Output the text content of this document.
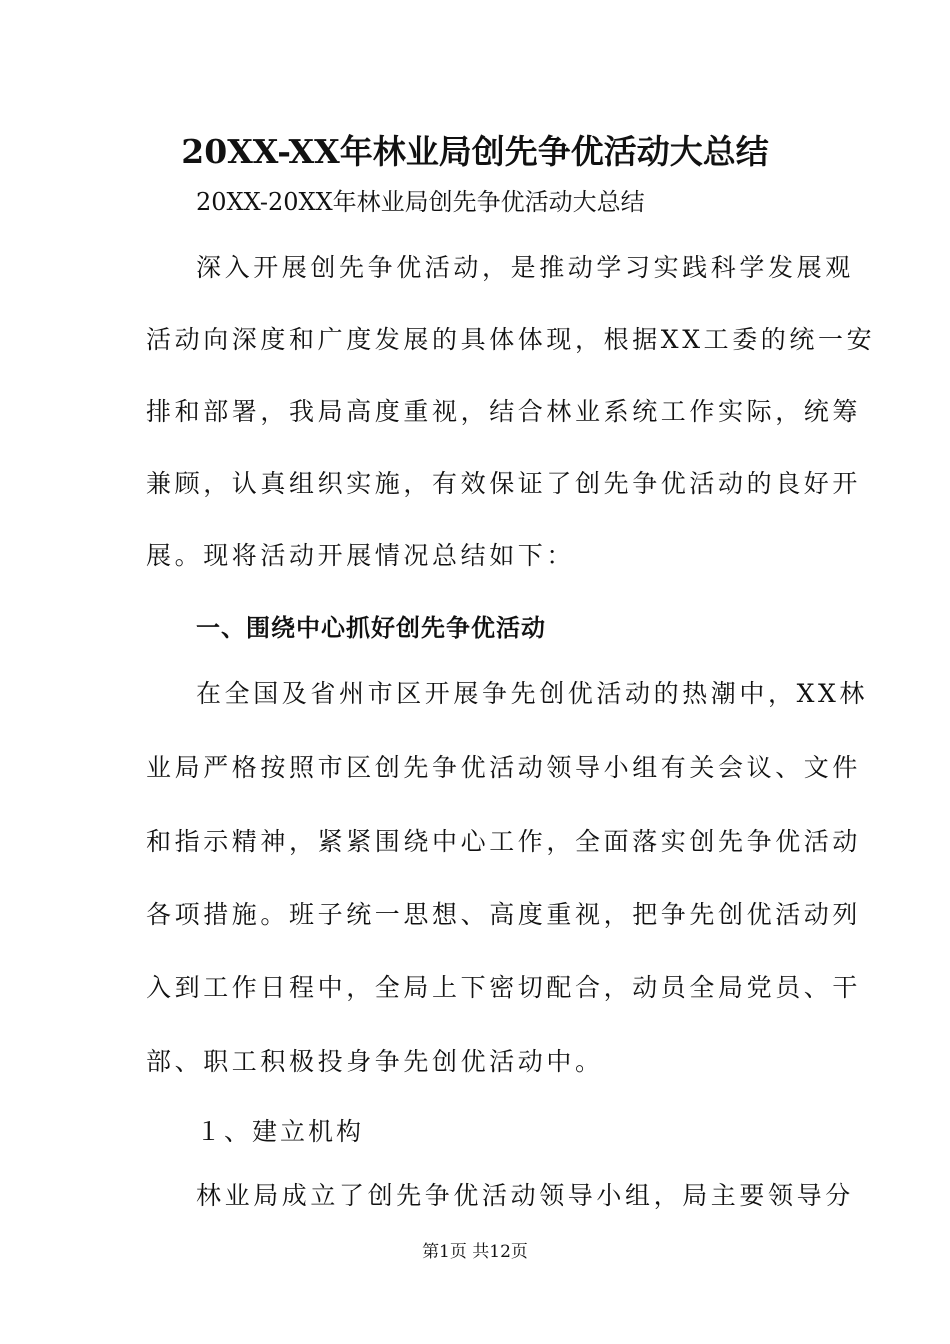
20XX-XX年林业局创先争优活动大总结
20XX-20XX年林业局创先争优活动大总结
深入开展创先争优活动，是推动学习实践科学发展观
活动向深度和广度发展的具体体现，根据XX工委的统一安
排和部署，我局高度重视，结合林业系统工作实际，统筹
兼顾，认真组织实施，有效保证了创先争优活动的良好开
展。现将活动开展情况总结如下：
一、围绕中心抓好创先争优活动
在全国及省州市区开展争先创优活动的热潮中，XX林
业局严格按照市区创先争优活动领导小组有关会议、文件
和指示精神，紧紧围绕中心工作，全面落实创先争优活动
各项措施。班子统一思想、高度重视，把争先创优活动列
入到工作日程中，全局上下密切配合，动员全局党员、干
部、职工积极投身争先创优活动中。
１、建立机构
林业局成立了创先争优活动领导小组，局主要领导分
第1页 共12页
